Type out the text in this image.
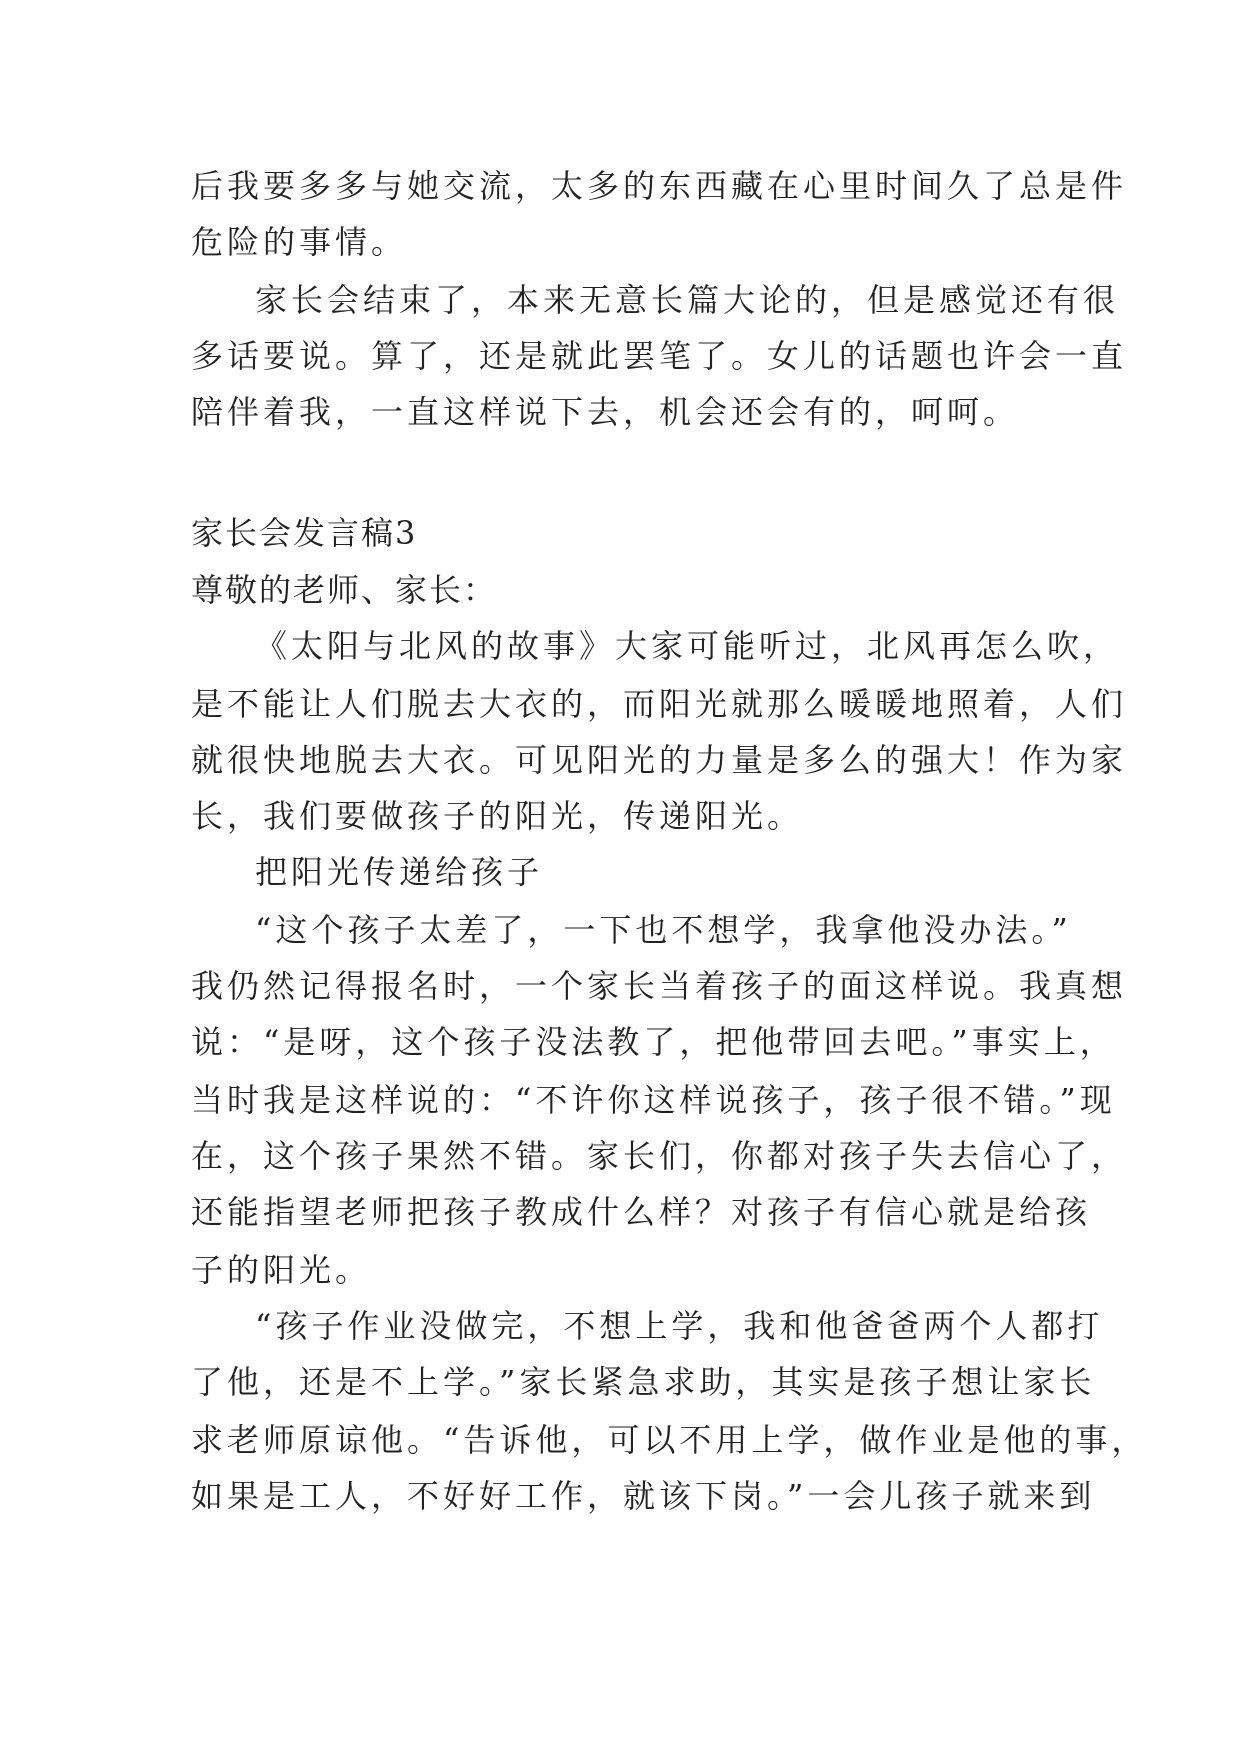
后我要多多与她交流，太多的东西藏在心里时间久了总是件
危险的事情。
家长会结束了，本来无意长篇大论的，但是感觉还有很
多话要说。算了，还是就此罢笔了。女儿的话题也许会一直
陪伴着我，一直这样说下去，机会还会有的，呵呵。
家长会发言稿3
尊敬的老师、家长：
《太阳与北风的故事》大家可能听过，北风再怎么吹，
是不能让人们脱去大衣的，而阳光就那么暖暖地照着，人们
就很快地脱去大衣。可见阳光的力量是多么的强大！作为家
长，我们要做孩子的阳光，传递阳光。
把阳光传递给孩子
“这个孩子太差了，一下也不想学，我拿他没办法。”
我仍然记得报名时，一个家长当着孩子的面这样说。我真想
说：“是呀，这个孩子没法教了，把他带回去吧。”事实上，
当时我是这样说的：“不许你这样说孩子，孩子很不错。”现
在，这个孩子果然不错。家长们，你都对孩子失去信心了，
还能指望老师把孩子教成什么样？对孩子有信心就是给孩
子的阳光。
“孩子作业没做完，不想上学，我和他爸爸两个人都打
了他，还是不上学。”家长紧急求助，其实是孩子想让家长
求老师原谅他。“告诉他，可以不用上学，做作业是他的事，
如果是工人，不好好工作，就该下岗。”一会儿孩子就来到
